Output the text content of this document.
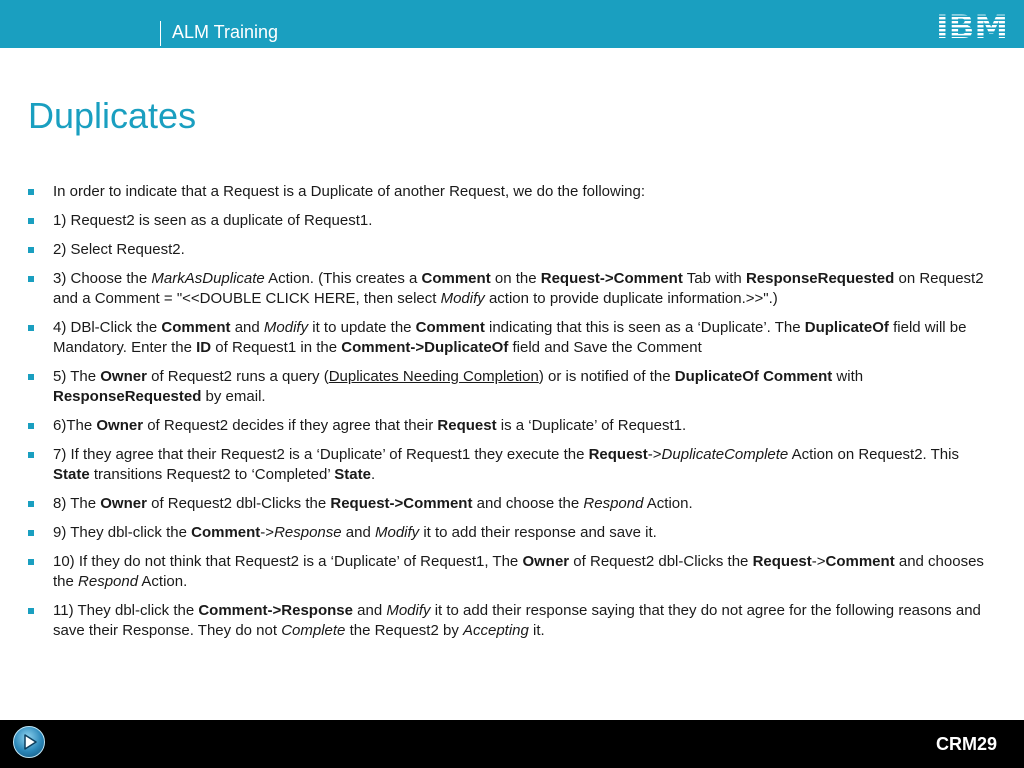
ALM Training	IBM
Duplicates
In order to indicate that a Request is a Duplicate of another Request, we do the following:
1) Request2 is seen as a duplicate of Request1.
2) Select Request2.
3) Choose the MarkAsDuplicate Action. (This creates a Comment on the Request->Comment Tab with ResponseRequested on Request2 and a Comment = "<<DOUBLE CLICK HERE, then select Modify action to provide duplicate information.>>".)
4) DBl-Click the Comment and Modify it to update the Comment indicating that this is seen as a ‘Duplicate’. The DuplicateOf field will be Mandatory. Enter the ID of Request1 in the Comment->DuplicateOf field and Save the Comment
5) The Owner of Request2 runs a query (Duplicates Needing Completion) or is notified of the DuplicateOf Comment with ResponseRequested by email.
6)The Owner of Request2 decides if they agree that their Request is a ‘Duplicate’ of Request1.
7) If they agree that their Request2 is a ‘Duplicate’ of Request1 they execute the Request->DuplicateComplete Action on Request2. This State transitions Request2 to ‘Completed’ State.
8) The Owner of Request2 dbl-Clicks the Request->Comment and choose the Respond Action.
9) They dbl-click the Comment->Response and Modify it to add their response and save it.
10) If they do not think that Request2 is a ‘Duplicate’ of Request1, The Owner of Request2 dbl-Clicks the Request->Comment and chooses the Respond Action.
11) They dbl-click the Comment->Response and Modify it to add their response saying that they do not agree for the following reasons and save their Response. They do not Complete the Request2 by Accepting it.
CRM29
